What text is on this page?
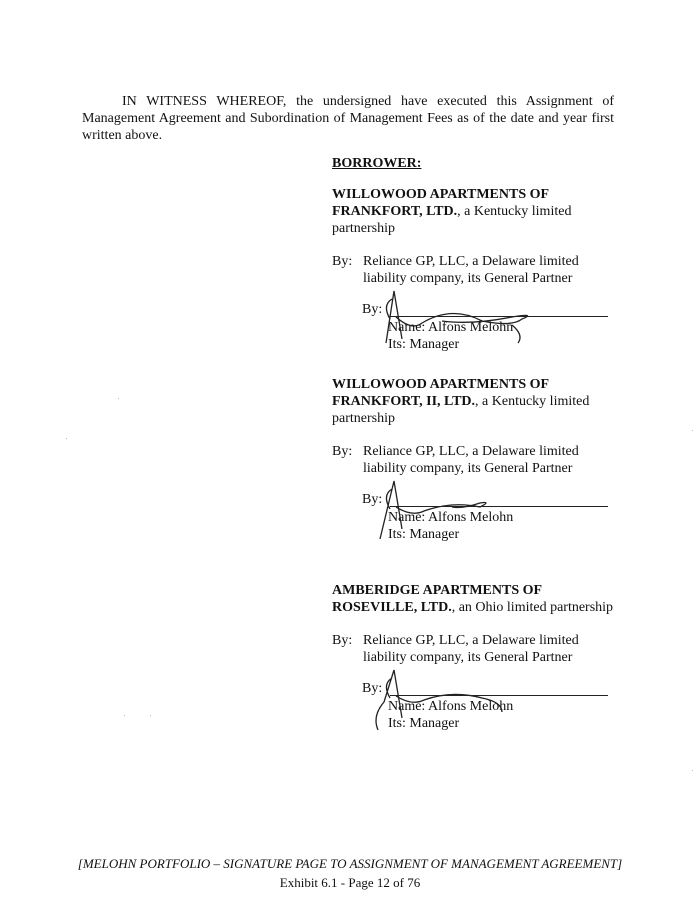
IN WITNESS WHEREOF, the undersigned have executed this Assignment of Management Agreement and Subordination of Management Fees as of the date and year first written above.
BORROWER:

WILLOWOOD APARTMENTS OF
FRANKFORT, LTD., a Kentucky limited
partnership

By: Reliance GP, LLC, a Delaware limited liability company, its General Partner
By:
Name: Alfons Melohn
Its: Manager

WILLOWOOD APARTMENTS OF
FRANKFORT, II, LTD., a Kentucky limited
partnership

By: Reliance GP, LLC, a Delaware limited liability company, its General Partner
By:
Name: Alfons Melohn
Its: Manager

AMBERIDGE APARTMENTS OF
ROSEVILLE, LTD., an Ohio limited partnership

By: Reliance GP, LLC, a Delaware limited liability company, its General Partner
By:
Name: Alfons Melohn
Its: Manager
[MELOHN PORTFOLIO – SIGNATURE PAGE TO ASSIGNMENT OF MANAGEMENT AGREEMENT]
Exhibit 6.1 - Page 12 of 76
